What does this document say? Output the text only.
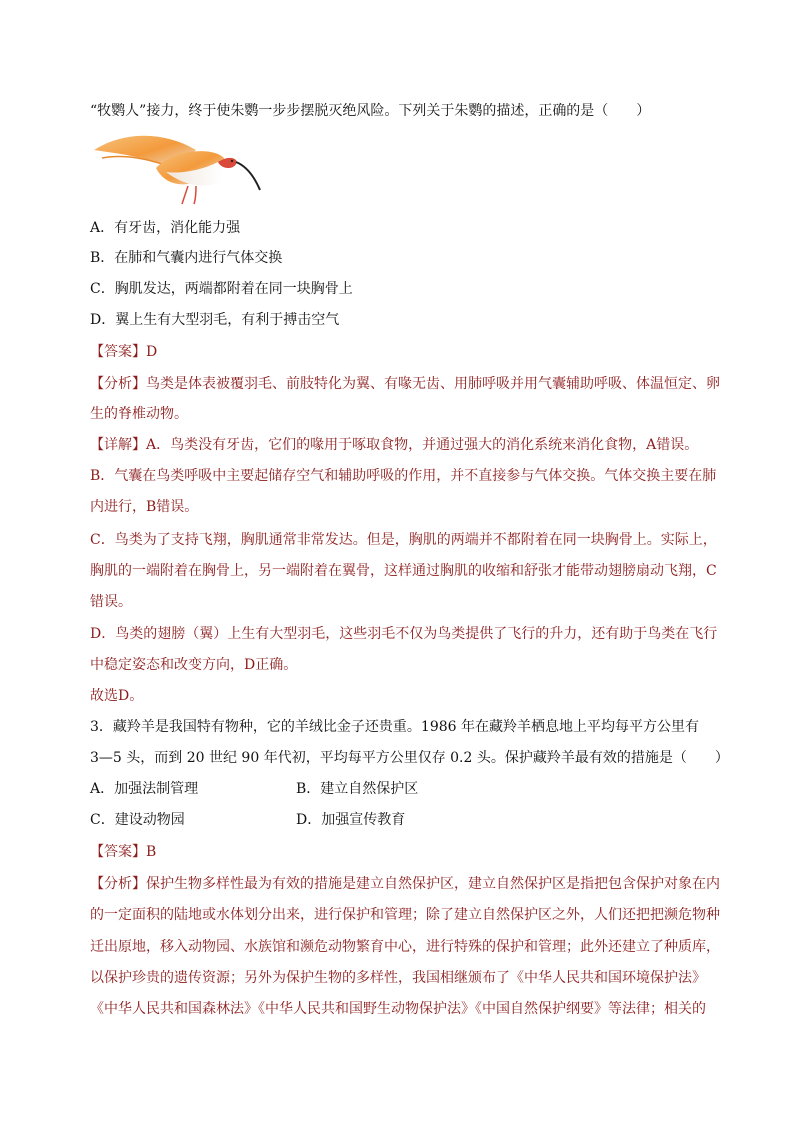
“牧鹦人”接力，终于使朱鹦一步步摆脱灭绝风险。下列关于朱鹦的描述，正确的是（　　）
A．有牙齿，消化能力强
B．在肺和气囊内进行气体交换
C．胸肌发达，两端都附着在同一块胸骨上
D．翼上生有大型羽毛，有利于搏击空气
【答案】D
【分析】鸟类是体表被覆羽毛、前肢特化为翼、有喙无齿、用肺呼吸并用气囊辅助呼吸、体温恒定、卵
生的脊椎动物。
【详解】A．鸟类没有牙齿，它们的喙用于啄取食物，并通过强大的消化系统来消化食物，A错误。
B．气囊在鸟类呼吸中主要起储存空气和辅助呼吸的作用，并不直接参与气体交换。气体交换主要在肺
内进行，B错误。
C．鸟类为了支持飞翔，胸肌通常非常发达。但是，胸肌的两端并不都附着在同一块胸骨上。实际上，
胸肌的一端附着在胸骨上，另一端附着在翼骨，这样通过胸肌的收缩和舒张才能带动翅膀扇动飞翔，C
错误。
D．鸟类的翅膀（翼）上生有大型羽毛，这些羽毛不仅为鸟类提供了飞行的升力，还有助于鸟类在飞行
中稳定姿态和改变方向，D正确。
故选D。
3．藏羚羊是我国特有物种，它的羊绒比金子还贵重。1986 年在藏羚羊栖息地上平均每平方公里有
3—5 头，而到 20 世纪 90 年代初，平均每平方公里仅存 0.2 头。保护藏羚羊最有效的措施是（　　）
A．加强法制管理	B．建立自然保护区
C．建设动物园	D．加强宣传教育
【答案】B
【分析】保护生物多样性最为有效的措施是建立自然保护区，建立自然保护区是指把包含保护对象在内
的一定面积的陆地或水体划分出来，进行保护和管理；除了建立自然保护区之外，人们还把把濒危物种
迁出原地，移入动物园、水族馆和濒危动物繁育中心，进行特殊的保护和管理；此外还建立了种质库，
以保护珍贵的遗传资源；另外为保护生物的多样性，我国相继颁布了《中华人民共和国环境保护法》
《中华人民共和国森林法》《中华人民共和国野生动物保护法》《中国自然保护纲要》等法律；相关的
